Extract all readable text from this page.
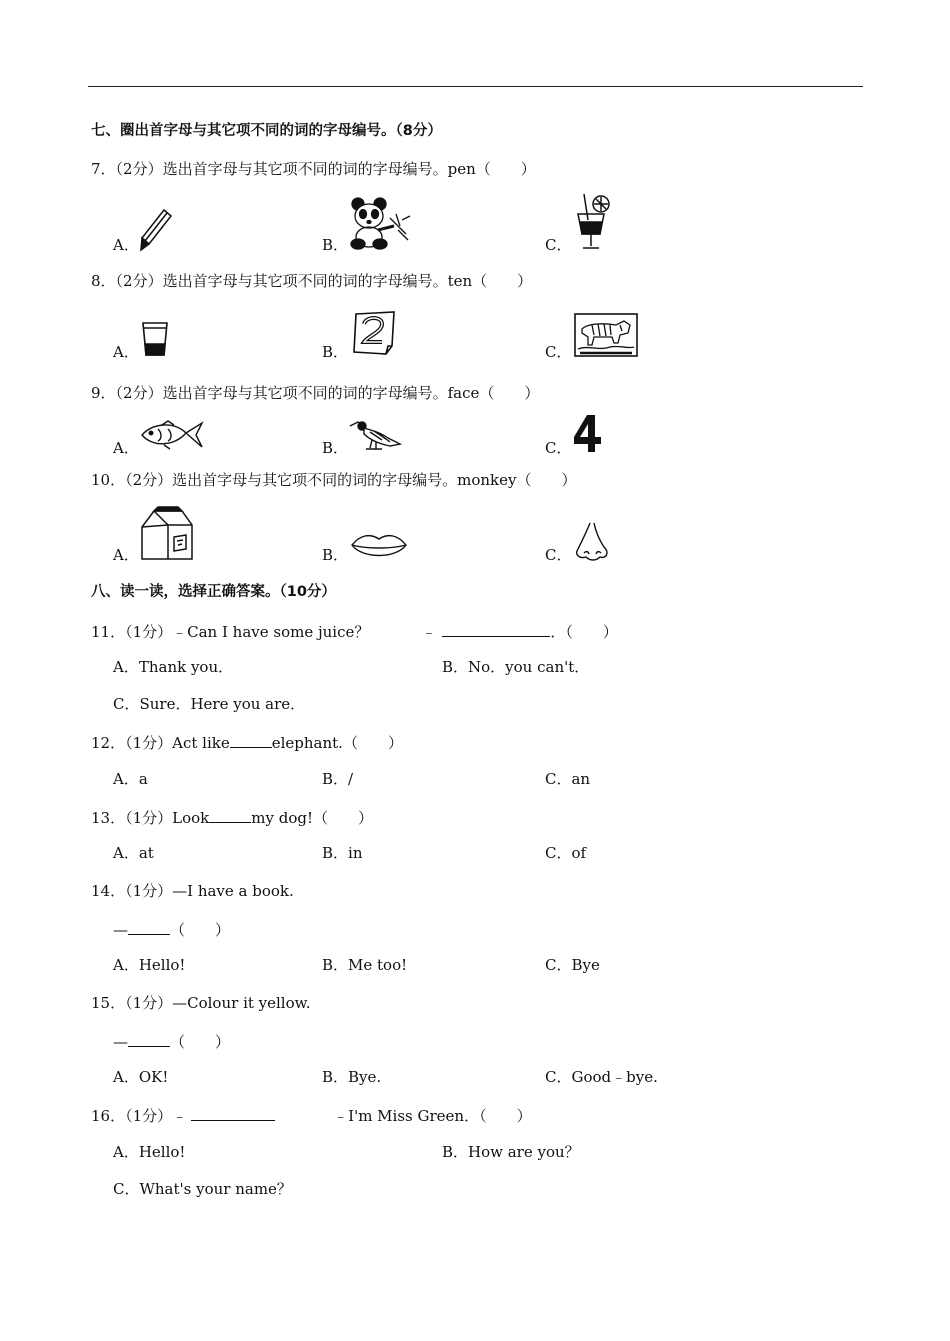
七、圈出首字母与其它项不同的词的字母编号。（8分）
7．（2分）选出首字母与其它项不同的词的字母编号。pen（　　）
A．	B．	C．
8．（2分）选出首字母与其它项不同的词的字母编号。ten（　　）
A．	B．	C．
9．（2分）选出首字母与其它项不同的词的字母编号。face（　　）
A．	B．	C．
10．（2分）选出首字母与其它项不同的词的字母编号。monkey（　　）
A．	B．	C．
八、读一读，选择正确答案。（10分）
11．（1分）﹣Can I have some juice？	﹣	．（　　）
A．Thank you．	B．No．you can't．
C．Sure．Here you are．
12．（1分）Act like	elephant.（　　）
A．a	B．/	C．an
13．（1分）Look	my dog!（　　）
A．at	B．in	C．of
14．（1分）—I have a book.
—	（　　）
A．Hello!	B．Me too!	C．Bye
15．（1分）—Colour it yellow.
—	（　　）
A．OK!	B．Bye.	C．Good﹣bye.
16．（1分）﹣	﹣I'm Miss Green．（　　）
A．Hello!	B．How are you？
C．What's your name？
